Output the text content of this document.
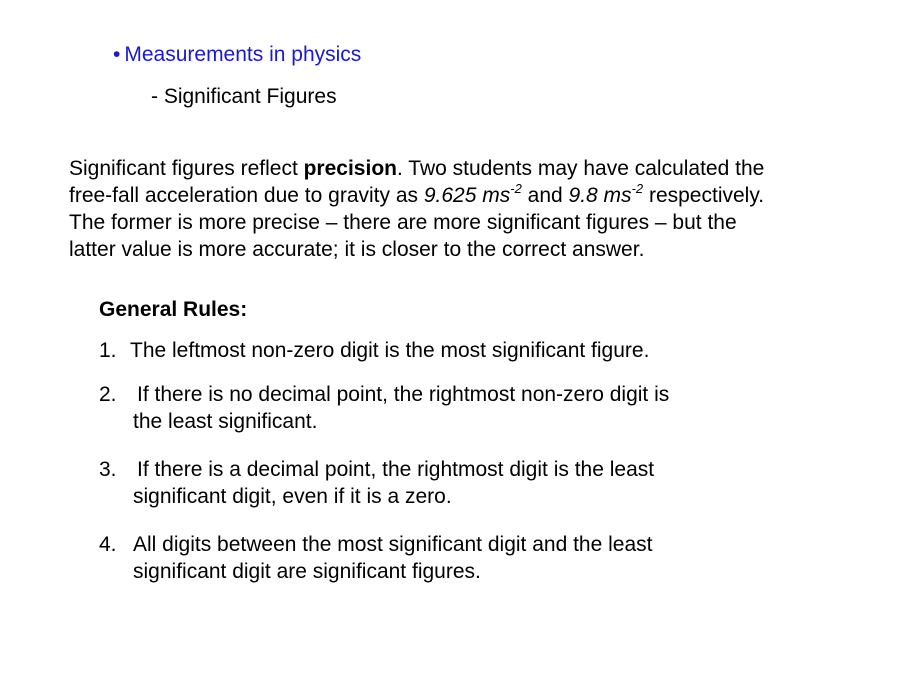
• Measurements in physics
- Significant Figures
Significant figures reflect precision. Two students may have calculated the
free-fall acceleration due to gravity as 9.625 $ms^{-2}$ and 9.8 $ms^{-2}$ respectively.
The former is more precise – there are more significant figures – but the
latter value is more accurate; it is closer to the correct answer.
General Rules:
1. The leftmost non-zero digit is the most significant figure.
2. If there is no decimal point, the rightmost non-zero digit is
the least significant.
3. If there is a decimal point, the rightmost digit is the least
significant digit, even if it is a zero.
4. All digits between the most significant digit and the least
significant digit are significant figures.
